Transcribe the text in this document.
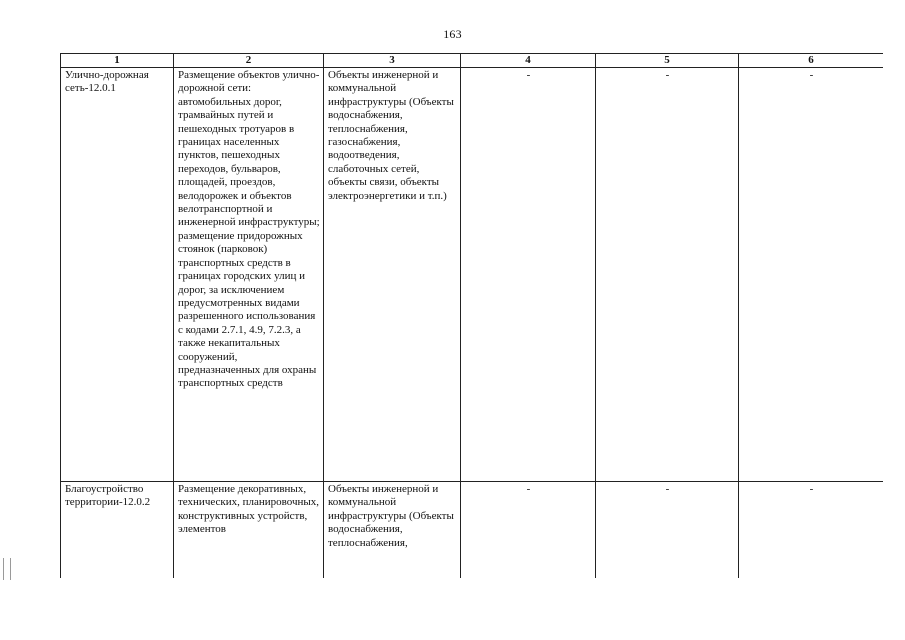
163
1	2	3	4	5	6
Улично-дорожная сеть-12.0.1	Размещение объектов улично-дорожной сети: автомобильных дорог, трамвайных путей и пешеходных тротуаров в границах населенных пунктов, пешеходных переходов, бульваров, площадей, проездов, велодорожек и объектов велотранспортной и инженерной инфраструктуры; размещение придорожных стоянок (парковок) транспортных средств в границах городских улиц и дорог, за исключением предусмотренных видами разрешенного использования с кодами 2.7.1, 4.9, 7.2.3, а также некапитальных сооружений, предназначенных для охраны транспортных средств	Объекты инженерной и коммунальной инфраструктуры (Объекты водоснабжения, теплоснабжения, газоснабжения, водоотведения, слаботочных сетей, объекты связи, объекты электроэнергетики и т.п.)	-	-	-
Благоустройство территории-12.0.2	Размещение декоративных, технических, планировочных, конструктивных устройств, элементов	Объекты инженерной и коммунальной инфраструктуры (Объекты водоснабжения, теплоснабжения,	-	-	-
